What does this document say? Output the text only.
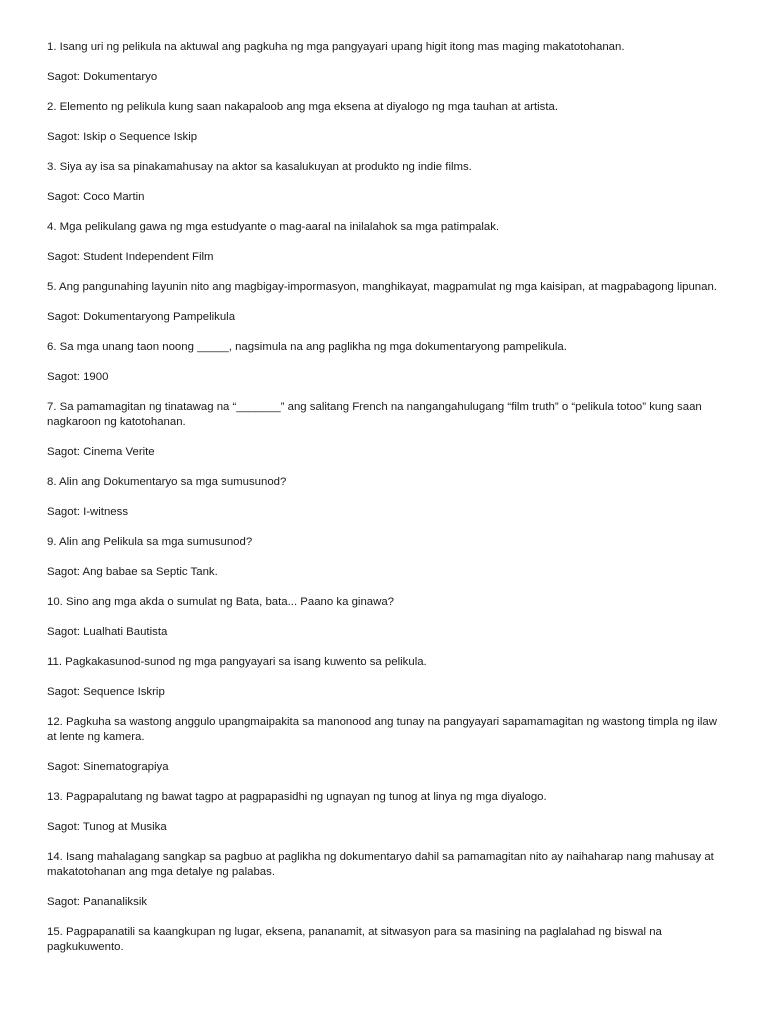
1. Isang uri ng pelikula na aktuwal ang pagkuha ng mga pangyayari upang higit itong mas maging makatotohanan.

Sagot: Dokumentaryo

2. Elemento ng pelikula kung saan nakapaloob ang mga eksena at diyalogo ng mga tauhan at artista.

Sagot: Iskip o Sequence Iskip

3. Siya ay isa sa pinakamahusay na aktor sa kasalukuyan at produkto ng indie films.

Sagot: Coco Martin

4. Mga pelikulang gawa ng mga estudyante o mag-aaral na inilalahok sa mga patimpalak.

Sagot: Student Independent Film

5. Ang pangunahing layunin nito ang magbigay-impormasyon, manghikayat, magpamulat ng mga kaisipan, at magpabagong lipunan.

Sagot: Dokumentaryong Pampelikula

6. Sa mga unang taon noong _____, nagsimula na ang paglikha ng mga dokumentaryong pampelikula.

Sagot: 1900

7. Sa pamamagitan ng tinatawag na “_______” ang salitang French na nangangahulugang “film truth” o “pelikula totoo” kung saan nagkaroon ng katotohanan.

Sagot: Cinema Verite

8. Alin ang Dokumentaryo sa mga sumusunod?

Sagot: I-witness

9. Alin ang Pelikula sa mga sumusunod?

Sagot: Ang babae sa Septic Tank.

10. Sino ang mga akda o sumulat ng Bata, bata... Paano ka ginawa?

Sagot: Lualhati Bautista

11. Pagkakasunod-sunod ng mga pangyayari sa isang kuwento sa pelikula.

Sagot: Sequence Iskrip

12. Pagkuha sa wastong anggulo upangmaipakita sa manonood ang tunay na pangyayari sapamamagitan ng wastong timpla ng ilaw at lente ng kamera.

Sagot: Sinematograpiya

13. Pagpapalutang ng bawat tagpo at pagpapasidhi ng ugnayan ng tunog at linya ng mga diyalogo.

Sagot: Tunog at Musika

14. Isang mahalagang sangkap sa pagbuo at paglikha ng dokumentaryo dahil sa pamamagitan nito ay naihaharap nang mahusay at makatotohanan ang mga detalye ng palabas.

Sagot: Pananaliksik

15. Pagpapanatili sa kaangkupan ng lugar, eksena, pananamit, at sitwasyon para sa masining na paglalahad ng biswal na pagkukuwento.
